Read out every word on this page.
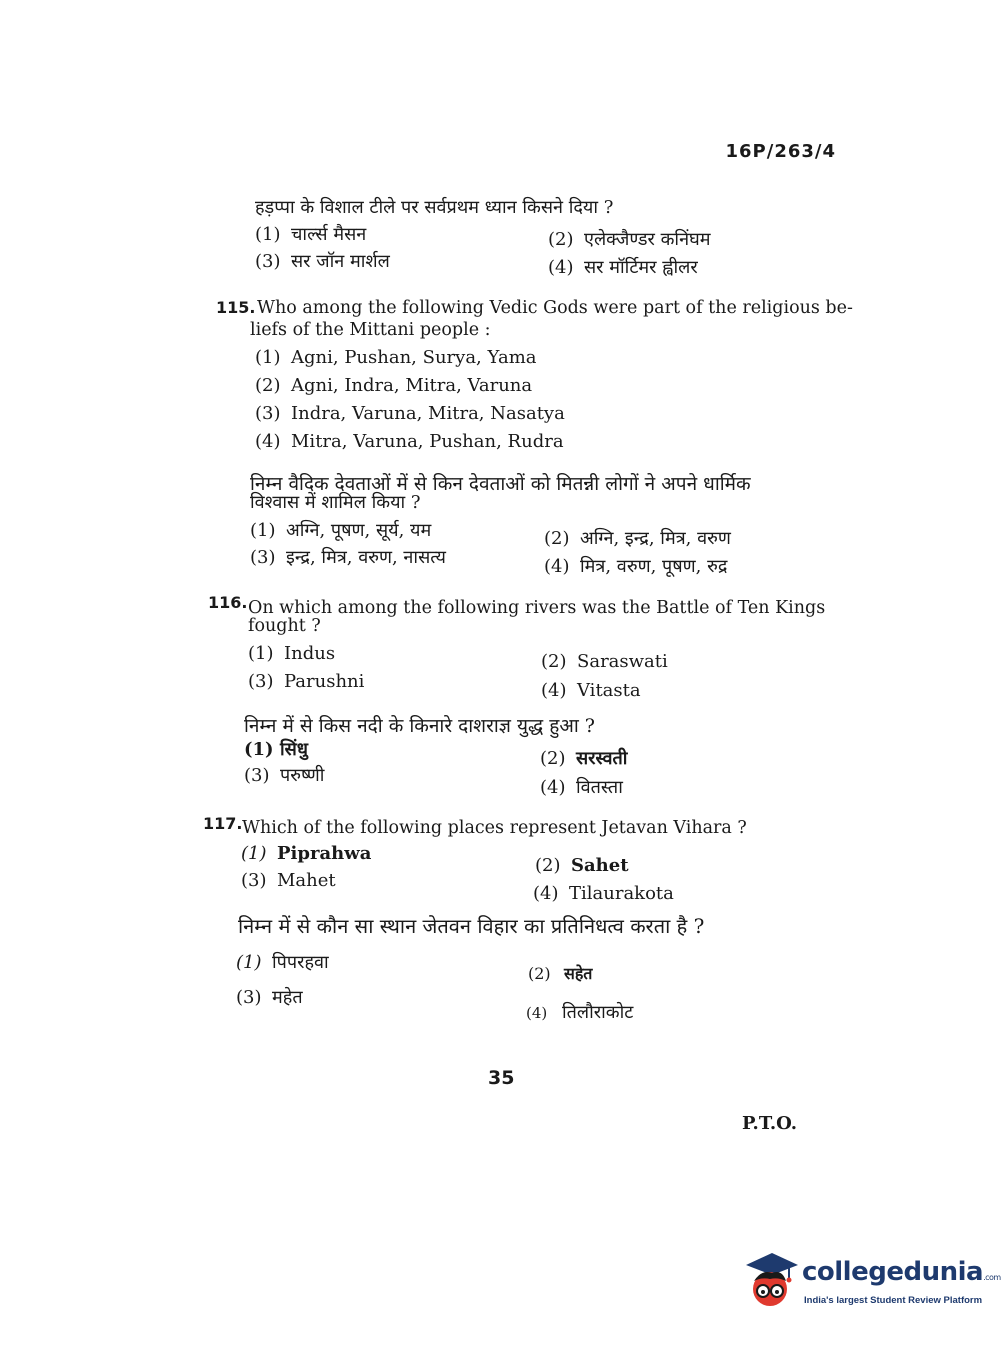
16P/263/4
हड़प्पा के विशाल टीले पर सर्वप्रथम ध्यान किसने दिया ?
(1) चार्ल्स मैसन	(2) एलेक्जैण्डर कनिंघम
(3) सर जॉन मार्शल	(4) सर मॉर्टिमर ह्वीलर
115. Who among the following Vedic Gods were part of the religious be-
liefs of the Mittani people :
(1) Agni, Pushan, Surya, Yama
(2) Agni, Indra, Mitra, Varuna
(3) Indra, Varuna, Mitra, Nasatya
(4) Mitra, Varuna, Pushan, Rudra
निम्न वैदिक देवताओं में से किन देवताओं को मितन्नी लोगों ने अपने धार्मिक
विश्वास में शामिल किया ?
(1) अग्नि, पूषण, सूर्य, यम	(2) अग्नि, इन्द्र, मित्र, वरुण
(3) इन्द्र, मित्र, वरुण, नासत्य	(4) मित्र, वरुण, पूषण, रुद्र
116. On which among the following rivers was the Battle of Ten Kings
fought ?
(1) Indus	(2) Saraswati
(3) Parushni	(4) Vitasta
निम्न में से किस नदी के किनारे दाशराज्ञ युद्ध हुआ ?
(1) सिंधु	(2) सरस्वती
(3) परुष्णी
(4) वितस्ता
117. Which of the following places represent Jetavan Vihara ?
(1) Piprahwa
(2) Sahet
(3) Mahet
(4) Tilaurakota
निम्न में से कौन सा स्थान जेतवन विहार का प्रतिनिधत्व करता है ?
(1) पिपरहवा
(2) सहेत
(3) महेत
(4) तिलौराकोट
35
P.T.O.
collegedunia.com
India's largest Student Review Platform
